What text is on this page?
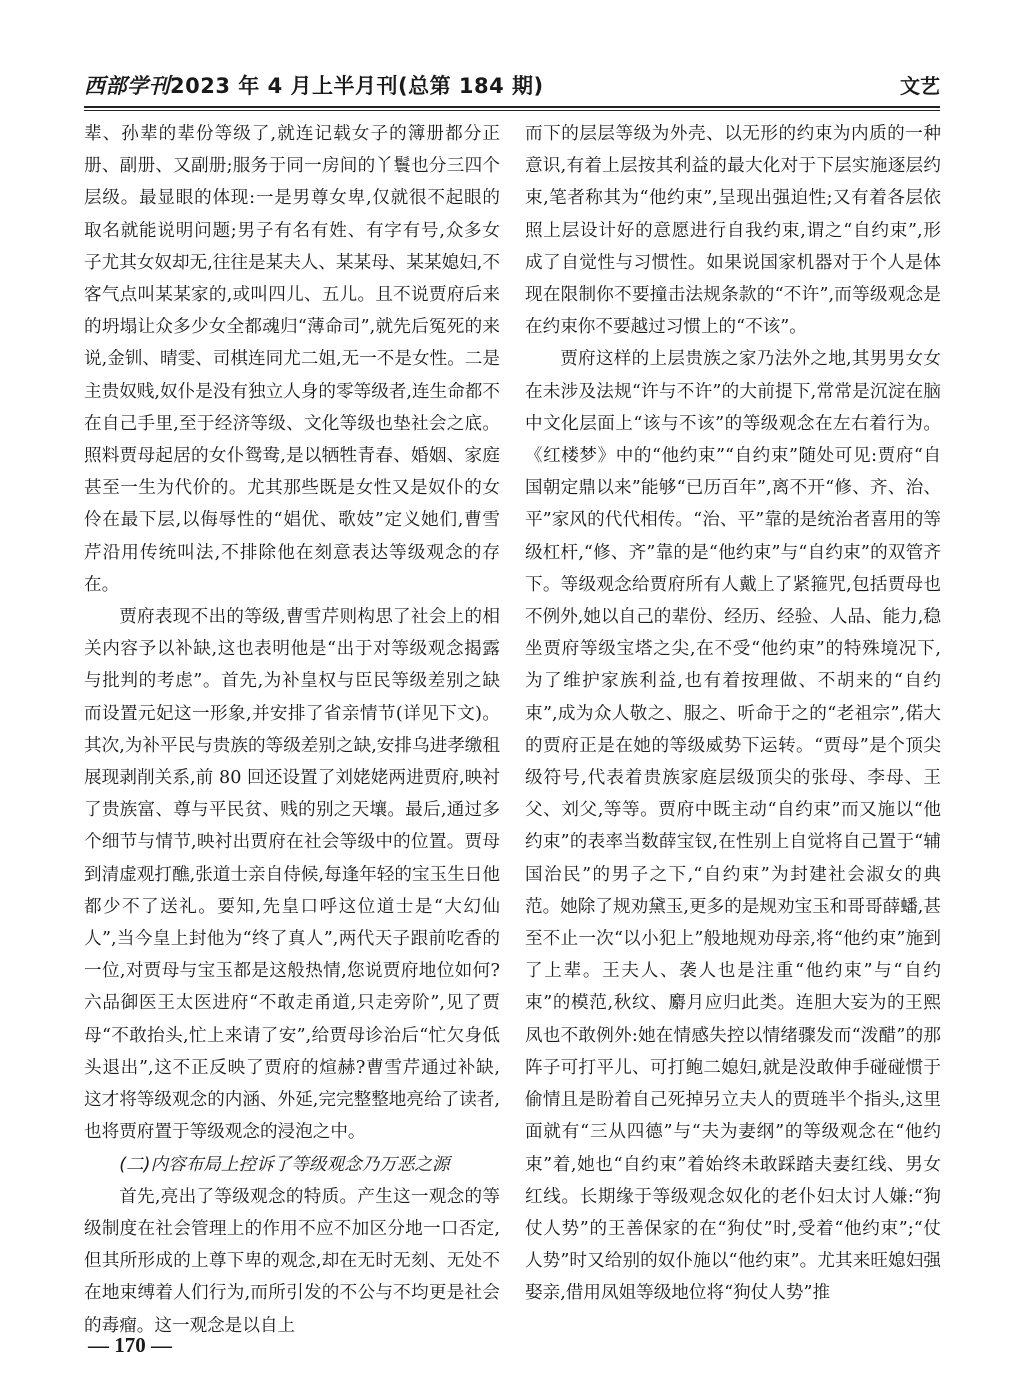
西部学刊2023 年 4 月上半月刊(总第 184 期)	文艺

辈、孙辈的辈份等级了,就连记载女子的簿册都分正册、副册、又副册;服务于同一房间的丫鬟也分三四个层级。最显眼的体现:一是男尊女卑,仅就很不起眼的取名就能说明问题;男子有名有姓、有字有号,众多女子尤其女奴却无,往往是某夫人、某某母、某某媳妇,不客气点叫某某家的,或叫四儿、五儿。且不说贾府后来的坍塌让众多少女全都魂归“薄命司”,就先后冤死的来说,金钏、晴雯、司棋连同尤二姐,无一不是女性。二是主贵奴贱,奴仆是没有独立人身的零等级者,连生命都不在自己手里,至于经济等级、文化等级也垫社会之底。照料贾母起居的女仆鸳鸯,是以牺牲青春、婚姻、家庭甚至一生为代价的。尤其那些既是女性又是奴仆的女伶在最下层,以侮辱性的“娼优、歌妓”定义她们,曹雪芹沿用传统叫法,不排除他在刻意表达等级观念的存在。

贾府表现不出的等级,曹雪芹则构思了社会上的相关内容予以补缺,这也表明他是“出于对等级观念揭露与批判的考虑”。首先,为补皇权与臣民等级差别之缺而设置元妃这一形象,并安排了省亲情节(详见下文)。其次,为补平民与贵族的等级差别之缺,安排乌进孝缴租展现剥削关系,前 80 回还设置了刘姥姥两进贾府,映衬了贵族富、尊与平民贫、贱的别之天壤。最后,通过多个细节与情节,映衬出贾府在社会等级中的位置。贾母到清虚观打醮,张道士亲自侍候,每逢年轻的宝玉生日他都少不了送礼。要知,先皇口呼这位道士是“大幻仙人”,当今皇上封他为“终了真人”,两代天子跟前吃香的一位,对贾母与宝玉都是这般热情,您说贾府地位如何?六品御医王太医进府“不敢走甬道,只走旁阶”,见了贾母“不敢抬头,忙上来请了安”,给贾母诊治后“忙欠身低头退出”,这不正反映了贾府的煊赫?曹雪芹通过补缺,这才将等级观念的内涵、外延,完完整整地亮给了读者,也将贾府置于等级观念的浸泡之中。

(二)内容布局上控诉了等级观念乃万恶之源

首先,亮出了等级观念的特质。产生这一观念的等级制度在社会管理上的作用不应不加区分地一口否定,但其所形成的上尊下卑的观念,却在无时无刻、无处不在地束缚着人们行为,而所引发的不公与不均更是社会的毒瘤。这一观念是以自上

而下的层层等级为外壳、以无形的约束为内质的一种意识,有着上层按其利益的最大化对于下层实施逐层约束,笔者称其为“他约束”,呈现出强迫性;又有着各层依照上层设计好的意愿进行自我约束,谓之“自约束”,形成了自觉性与习惯性。如果说国家机器对于个人是体现在限制你不要撞击法规条款的“不许”,而等级观念是在约束你不要越过习惯上的“不该”。

贾府这样的上层贵族之家乃法外之地,其男男女女在未涉及法规“许与不许”的大前提下,常常是沉淀在脑中文化层面上“该与不该”的等级观念在左右着行为。《红楼梦》中的“他约束”“自约束”随处可见:贾府“自国朝定鼎以来”能够“已历百年”,离不开“修、齐、治、平”家风的代代相传。“治、平”靠的是统治者喜用的等级杠杆,“修、齐”靠的是“他约束”与“自约束”的双管齐下。等级观念给贾府所有人戴上了紧箍咒,包括贾母也不例外,她以自己的辈份、经历、经验、人品、能力,稳坐贾府等级宝塔之尖,在不受“他约束”的特殊境况下,为了维护家族利益,也有着按理做、不胡来的“自约束”,成为众人敬之、服之、听命于之的“老祖宗”,偌大的贾府正是在她的等级威势下运转。“贾母”是个顶尖级符号,代表着贵族家庭层级顶尖的张母、李母、王父、刘父,等等。贾府中既主动“自约束”而又施以“他约束”的表率当数薛宝钗,在性别上自觉将自己置于“辅国治民”的男子之下,“自约束”为封建社会淑女的典范。她除了规劝黛玉,更多的是规劝宝玉和哥哥薛蟠,甚至不止一次“以小犯上”般地规劝母亲,将“他约束”施到了上辈。王夫人、袭人也是注重“他约束”与“自约束”的模范,秋纹、麝月应归此类。连胆大妄为的王熙凤也不敢例外:她在情感失控以情绪骤发而“泼醋”的那阵子可打平儿、可打鲍二媳妇,就是没敢伸手碰碰惯于偷情且是盼着自己死掉另立夫人的贾琏半个指头,这里面就有“三从四德”与“夫为妻纲”的等级观念在“他约束”着,她也“自约束”着始终未敢踩踏夫妻红线、男女红线。长期缘于等级观念奴化的老仆妇太讨人嫌:“狗仗人势”的王善保家的在“狗仗”时,受着“他约束”;“仗人势”时又给别的奴仆施以“他约束”。尤其来旺媳妇强娶亲,借用凤姐等级地位将“狗仗人势”推

— 170 —
